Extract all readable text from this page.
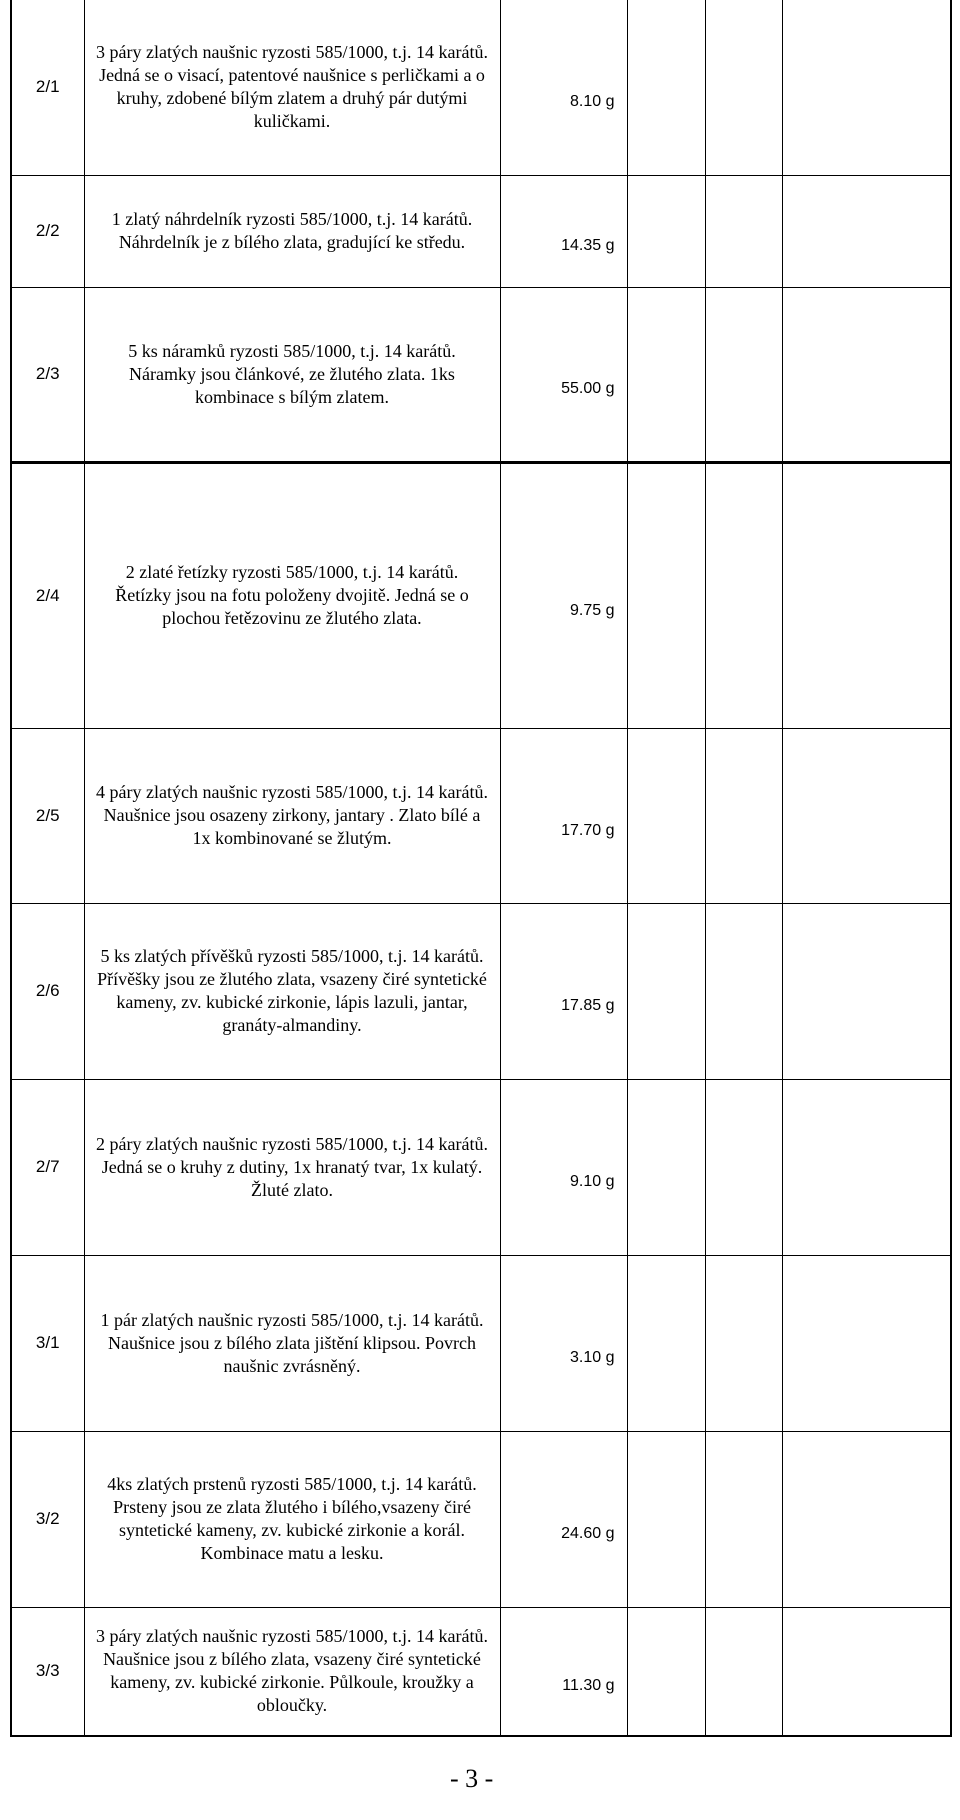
2/1	3 páry zlatých naušnic ryzosti 585/1000, t.j. 14 karátů.
Jedná se o visací, patentové naušnice s perličkami a o
kruhy, zdobené bílým zlatem a druhý pár dutými
kuličkami.	8.10 g			
2/2	1 zlatý náhrdelník ryzosti 585/1000, t.j. 14 karátů.
Náhrdelník je z bílého zlata, gradující ke středu.	14.35 g			
2/3	5 ks náramků ryzosti 585/1000, t.j. 14 karátů.
Náramky jsou článkové, ze žlutého zlata. 1ks
kombinace s bílým zlatem.	55.00 g			
2/4	2 zlaté řetízky ryzosti 585/1000, t.j. 14 karátů.
Řetízky jsou na fotu položeny dvojitě. Jedná se o
plochou řetězovinu ze žlutého zlata.	9.75 g			
2/5	4 páry zlatých naušnic ryzosti 585/1000, t.j. 14 karátů.
Naušnice jsou osazeny zirkony, jantary . Zlato bílé a
1x kombinované se žlutým.	17.70 g			
2/6	5 ks zlatých přívěšků ryzosti 585/1000, t.j. 14 karátů.
Přívěšky jsou ze žlutého zlata, vsazeny čiré syntetické
kameny, zv. kubické zirkonie, lápis lazuli, jantar,
granáty-almandiny.	17.85 g			
2/7	2 páry zlatých naušnic ryzosti 585/1000, t.j. 14 karátů.
Jedná se o kruhy z dutiny, 1x hranatý tvar, 1x kulatý.
Žluté zlato.	9.10 g			
3/1	1 pár zlatých naušnic ryzosti 585/1000, t.j. 14 karátů.
Naušnice jsou z bílého zlata jištění klipsou. Povrch
naušnic zvrásněný.	3.10 g			
3/2	4ks zlatých prstenů ryzosti 585/1000, t.j. 14 karátů.
Prsteny jsou ze zlata žlutého i bílého,vsazeny čiré
syntetické kameny, zv. kubické zirkonie a korál.
Kombinace matu a lesku.	24.60 g			
3/3	3 páry zlatých naušnic ryzosti 585/1000, t.j. 14 karátů.
Naušnice jsou z bílého zlata, vsazeny čiré syntetické
kameny, zv. kubické zirkonie. Půlkoule, kroužky a
obloučky.	11.30 g			
- 3 -
